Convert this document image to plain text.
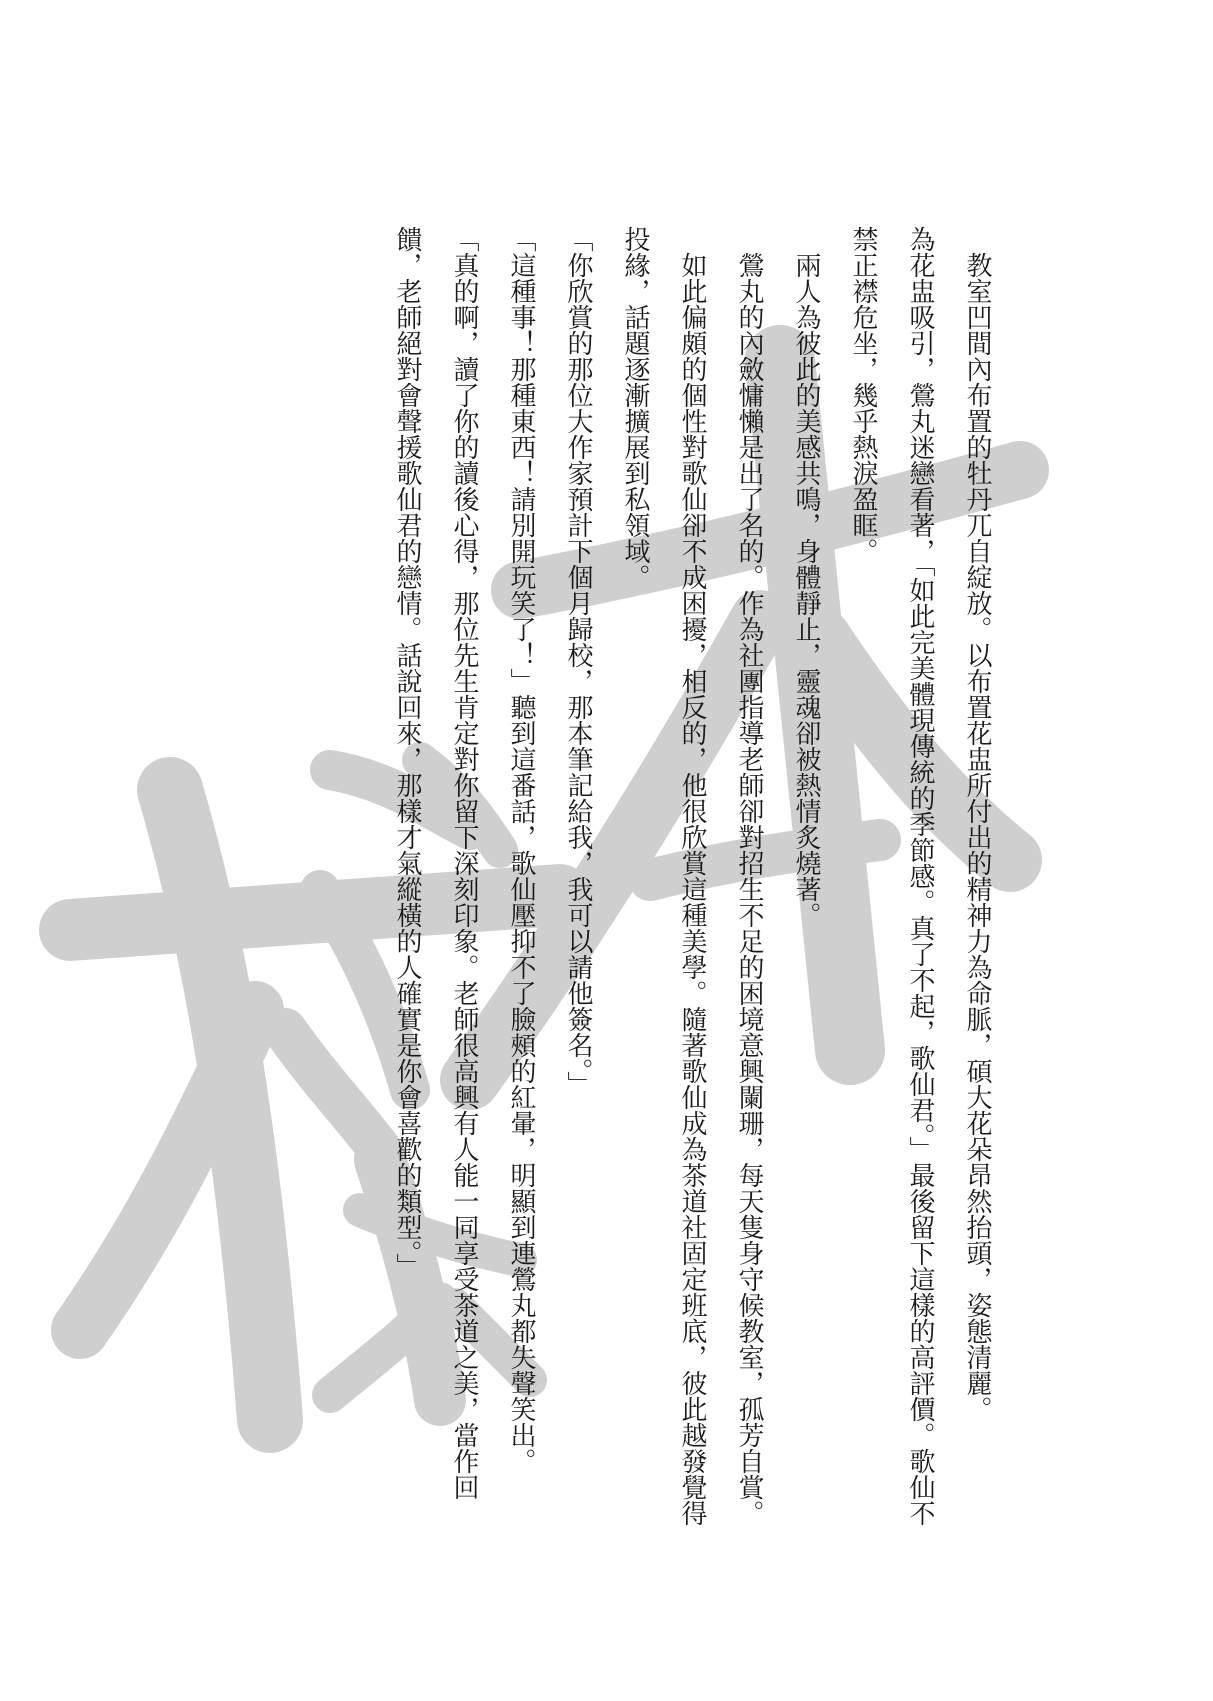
教室凹間內布置的牡丹兀自綻放。以布置花盅所付出的精神力為命脈，碩大花朵昂然抬頭，姿態清麗。

為花盅吸引，鶯丸迷戀看著，「如此完美體現傳統的季節感。真了不起，歌仙君。」最後留下這樣的高評價。歌仙不禁正襟危坐，幾乎熱淚盈眶。

兩人為彼此的美感共鳴，身體靜止，靈魂卻被熱情炙燒著。

鶯丸的內斂慵懶是出了名的。作為社團指導老師卻對招生不足的困境意興闌珊，每天隻身守候教室，孤芳自賞。

如此偏頗的個性對歌仙卻不成困擾，相反的，他很欣賞這種美學。隨著歌仙成為茶道社固定班底，彼此越發覺得投緣，話題逐漸擴展到私領域。

「你欣賞的那位大作家預計下個月歸校，那本筆記給我，我可以請他簽名。」

「這種事！那種東西！請別開玩笑了！」聽到這番話，歌仙壓抑不了臉頰的紅暈，明顯到連鶯丸都失聲笑出。

「真的啊，讀了你的讀後心得，那位先生肯定對你留下深刻印象。老師很高興有人能一同享受茶道之美，當作回饋，老師絕對會聲援歌仙君的戀情。話說回來，那樣才氣縱橫的人確實是你會喜歡的類型。」
